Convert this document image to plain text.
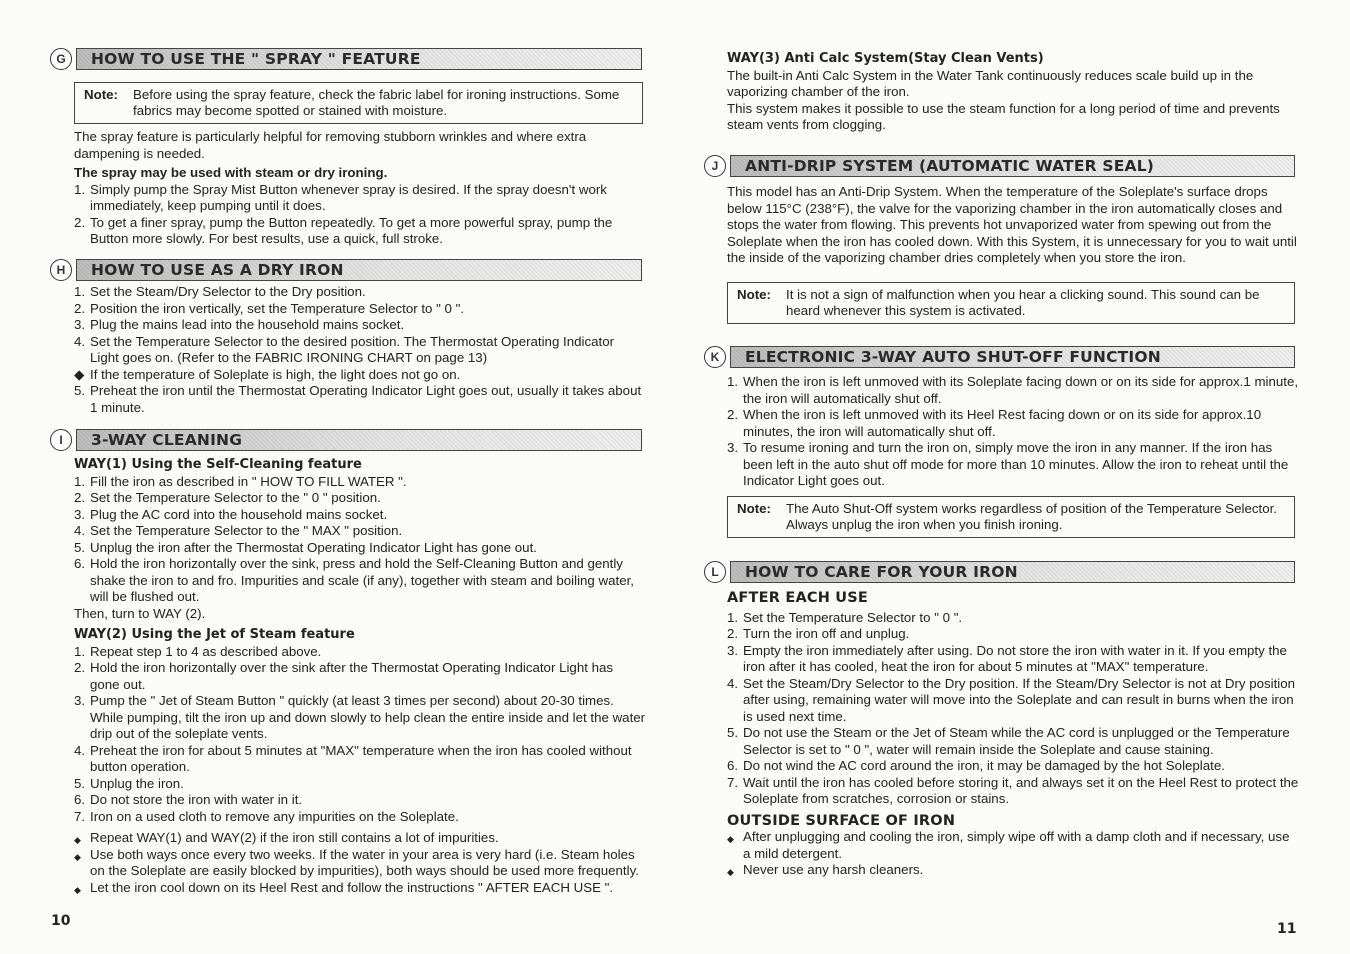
G	HOW TO USE THE " SPRAY " FEATURE
Note: Before using the spray feature, check the fabric label for ironing instructions. Some fabrics may become spotted or stained with moisture.

The spray feature is particularly helpful for removing stubborn wrinkles and where extra dampening is needed.

The spray may be used with steam or dry ironing.

1. Simply pump the Spray Mist Button whenever spray is desired. If the spray doesn't work immediately, keep pumping until it does.
2. To get a finer spray, pump the Button repeatedly. To get a more powerful spray, pump the Button more slowly. For best results, use a quick, full stroke.
H	HOW TO USE AS A DRY IRON
1. Set the Steam/Dry Selector to the Dry position.
2. Position the iron vertically, set the Temperature Selector to " 0 ".
3. Plug the mains lead into the household mains socket.
4. Set the Temperature Selector to the desired position. The Thermostat Operating Indicator Light goes on. (Refer to the FABRIC IRONING CHART on page 13)
◆ If the temperature of Soleplate is high, the light does not go on.
5. Preheat the iron until the Thermostat Operating Indicator Light goes out, usually it takes about 1 minute.
I	3-WAY CLEANING

WAY(1) Using the Self-Cleaning feature

1. Fill the iron as described in " HOW TO FILL WATER ".
2. Set the Temperature Selector to the " 0 " position.
3. Plug the AC cord into the household mains socket.
4. Set the Temperature Selector to the " MAX " position.
5. Unplug the iron after the Thermostat Operating Indicator Light has gone out.
6. Hold the iron horizontally over the sink, press and hold the Self-Cleaning Button and gently shake the iron to and fro. Impurities and scale (if any), together with steam and boiling water, will be flushed out.

Then, turn to WAY (2).

WAY(2) Using the Jet of Steam feature

1. Repeat step 1 to 4 as described above.
2. Hold the iron horizontally over the sink after the Thermostat Operating Indicator Light has gone out.
3. Pump the " Jet of Steam Button " quickly (at least 3 times per second) about 20-30 times. While pumping, tilt the iron up and down slowly to help clean the entire inside and let the water drip out of the soleplate vents.
4. Preheat the iron for about 5 minutes at "MAX" temperature when the iron has cooled without button operation.
5. Unplug the iron.
6. Do not store the iron with water in it.
7. Iron on a used cloth to remove any impurities on the Soleplate.
◆ Repeat WAY(1) and WAY(2) if the iron still contains a lot of impurities.
◆ Use both ways once every two weeks. If the water in your area is very hard (i.e. Steam holes on the Soleplate are easily blocked by impurities), both ways should be used more frequently.
◆ Let the iron cool down on its Heel Rest and follow the instructions " AFTER EACH USE ".
10

WAY(3) Anti Calc System(Stay Clean Vents)

The built-in Anti Calc System in the Water Tank continuously reduces scale build up in the vaporizing chamber of the iron.

This system makes it possible to use the steam function for a long period of time and prevents steam vents from clogging.

J	ANTI-DRIP SYSTEM (AUTOMATIC WATER SEAL)

This model has an Anti-Drip System. When the temperature of the Soleplate's surface drops below 115°C (238°F), the valve for the vaporizing chamber in the iron automatically closes and stops the water from flowing. This prevents hot unvaporized water from spewing out from the Soleplate when the iron has cooled down. With this System, it is unnecessary for you to wait until the inside of the vaporizing chamber dries completely when you store the iron.

Note: It is not a sign of malfunction when you hear a clicking sound. This sound can be heard whenever this system is activated.
K	ELECTRONIC 3-WAY AUTO SHUT-OFF FUNCTION
1. When the iron is left unmoved with its Soleplate facing down or on its side for approx.1 minute, the iron will automatically shut off.
2. When the iron is left unmoved with its Heel Rest facing down or on its side for approx.10 minutes, the iron will automatically shut off.
3. To resume ironing and turn the iron on, simply move the iron in any manner. If the iron has been left in the auto shut off mode for more than 10 minutes. Allow the iron to reheat until the Indicator Light goes out.
Note: The Auto Shut-Off system works regardless of position of the Temperature Selector. Always unplug the iron when you finish ironing.
L	HOW TO CARE FOR YOUR IRON

AFTER EACH USE

1. Set the Temperature Selector to " 0 ".
2. Turn the iron off and unplug.
3. Empty the iron immediately after using. Do not store the iron with water in it. If you empty the iron after it has cooled, heat the iron for about 5 minutes at "MAX" temperature.
4. Set the Steam/Dry Selector to the Dry position. If the Steam/Dry Selector is not at Dry position after using, remaining water will move into the Soleplate and can result in burns when the iron is used next time.
5. Do not use the Steam or the Jet of Steam while the AC cord is unplugged or the Temperature Selector is set to " 0 ", water will remain inside the Soleplate and cause staining.
6. Do not wind the AC cord around the iron, it may be damaged by the hot Soleplate.
7. Wait until the iron has cooled before storing it, and always set it on the Heel Rest to protect the Soleplate from scratches, corrosion or stains.

OUTSIDE SURFACE OF IRON

◆ After unplugging and cooling the iron, simply wipe off with a damp cloth and if necessary, use a mild detergent.
◆ Never use any harsh cleaners.
11
